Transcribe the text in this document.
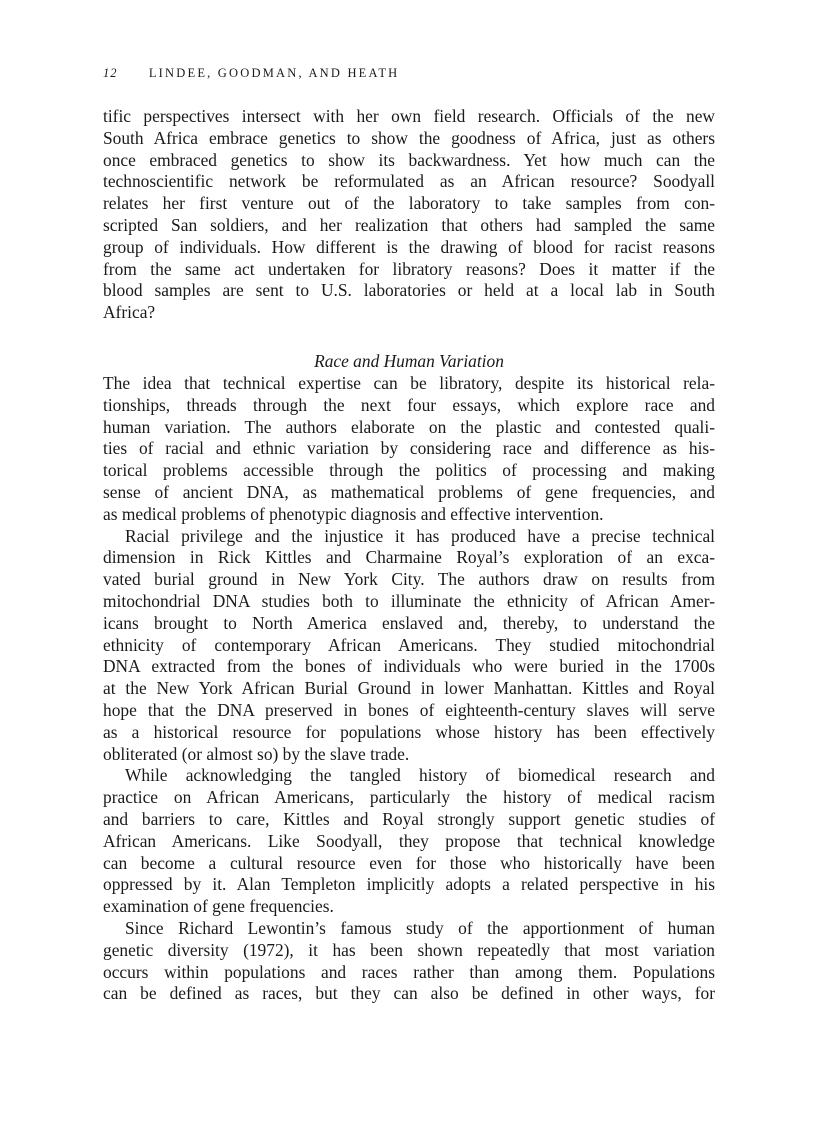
12	LINDEE, GOODMAN, AND HEATH
tific perspectives intersect with her own field research. Officials of the new
South Africa embrace genetics to show the goodness of Africa, just as others
once embraced genetics to show its backwardness. Yet how much can the
technoscientific network be reformulated as an African resource? Soodyall
relates her first venture out of the laboratory to take samples from con-
scripted San soldiers, and her realization that others had sampled the same
group of individuals. How different is the drawing of blood for racist reasons
from the same act undertaken for libratory reasons? Does it matter if the
blood samples are sent to U.S. laboratories or held at a local lab in South
Africa?
Race and Human Variation
The idea that technical expertise can be libratory, despite its historical rela-
tionships, threads through the next four essays, which explore race and
human variation. The authors elaborate on the plastic and contested quali-
ties of racial and ethnic variation by considering race and difference as his-
torical problems accessible through the politics of processing and making
sense of ancient DNA, as mathematical problems of gene frequencies, and
as medical problems of phenotypic diagnosis and effective intervention.
Racial privilege and the injustice it has produced have a precise technical
dimension in Rick Kittles and Charmaine Royal’s exploration of an exca-
vated burial ground in New York City. The authors draw on results from
mitochondrial DNA studies both to illuminate the ethnicity of African Amer-
icans brought to North America enslaved and, thereby, to understand the
ethnicity of contemporary African Americans. They studied mitochondrial
DNA extracted from the bones of individuals who were buried in the 1700s
at the New York African Burial Ground in lower Manhattan. Kittles and Royal
hope that the DNA preserved in bones of eighteenth-century slaves will serve
as a historical resource for populations whose history has been effectively
obliterated (or almost so) by the slave trade.
While acknowledging the tangled history of biomedical research and
practice on African Americans, particularly the history of medical racism
and barriers to care, Kittles and Royal strongly support genetic studies of
African Americans. Like Soodyall, they propose that technical knowledge
can become a cultural resource even for those who historically have been
oppressed by it. Alan Templeton implicitly adopts a related perspective in his
examination of gene frequencies.
Since Richard Lewontin’s famous study of the apportionment of human
genetic diversity (1972), it has been shown repeatedly that most variation
occurs within populations and races rather than among them. Populations
can be defined as races, but they can also be defined in other ways, for
